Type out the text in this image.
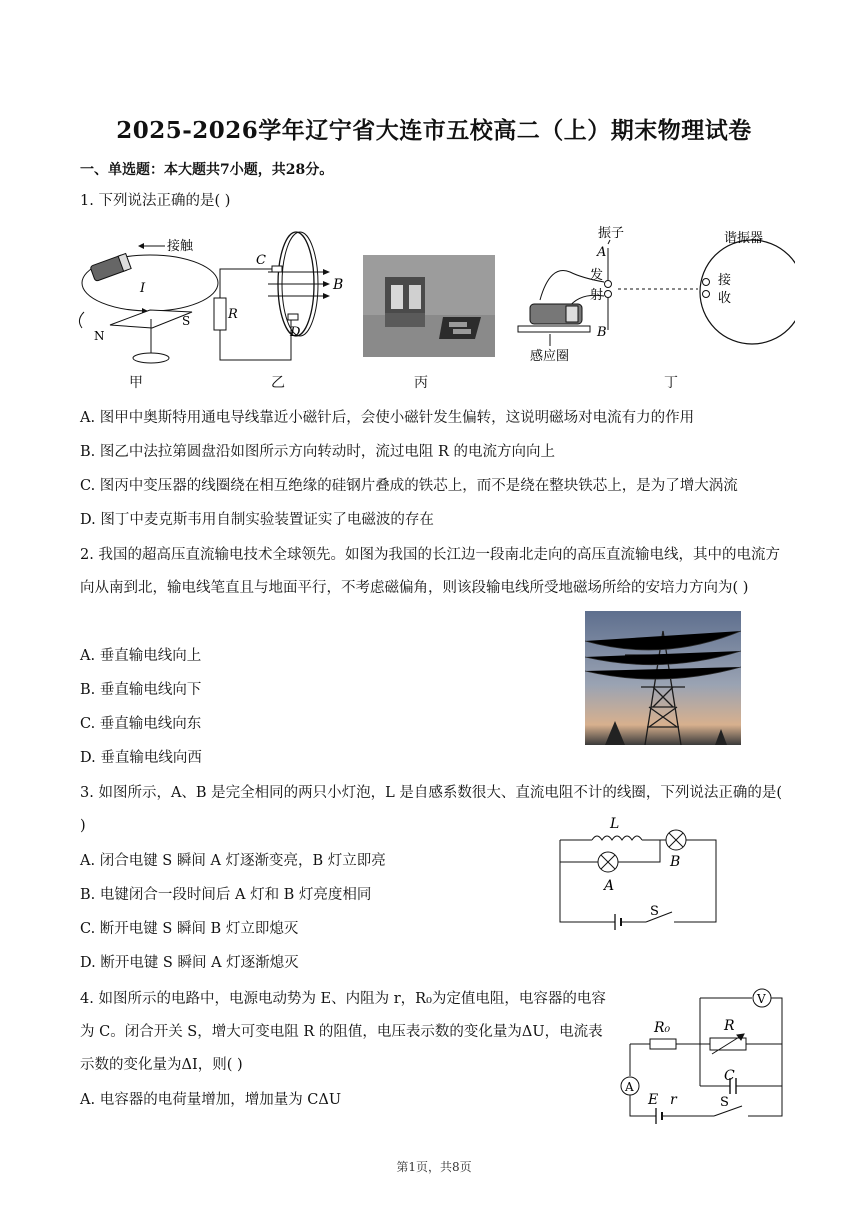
2025-2026学年辽宁省大连市五校高二（上）期末物理试卷
一、单选题：本大题共7小题，共28分。
1. 下列说法正确的是( )
接触
I
N
S
甲
B
C
D
R
乙	丙
振子
A
发
射
B
感应圈
接
收
谐振器
丁
A. 图甲中奥斯特用通电导线靠近小磁针后，会使小磁针发生偏转，这说明磁场对电流有力的作用
B. 图乙中法拉第圆盘沿如图所示方向转动时，流过电阻 R 的电流方向向上
C. 图丙中变压器的线圈绕在相互绝缘的硅钢片叠成的铁芯上，而不是绕在整块铁芯上，是为了增大涡流
D. 图丁中麦克斯韦用自制实验装置证实了电磁波的存在
2. 我国的超高压直流输电技术全球领先。如图为我国的长江边一段南北走向的高压直流输电线，其中的电流方向从南到北，输电线笔直且与地面平行，不考虑磁偏角，则该段输电线所受地磁场所给的安培力方向为( )
A. 垂直输电线向上
B. 垂直输电线向下
C. 垂直输电线向东
D. 垂直输电线向西
3. 如图所示，A、B 是完全相同的两只小灯泡，L 是自感系数很大、直流电阻不计的线圈，下列说法正确的是( )	L
A
B
S
A. 闭合电键 S 瞬间 A 灯逐渐变亮，B 灯立即亮
B. 电键闭合一段时间后 A 灯和 B 灯亮度相同
C. 断开电键 S 瞬间 B 灯立即熄灭
D. 断开电键 S 瞬间 A 灯逐渐熄灭
4. 如图所示的电路中，电源电动势为 E、内阻为 r，R₀为定值电阻，电容器的电容为 C。闭合开关 S，增大可变电阻 R 的阻值，电压表示数的变化量为ΔU，电流表示数的变化量为ΔI，则( )
V
R₀	R
C
A
E r	S
A. 电容器的电荷量增加，增加量为 CΔU
第1页，共8页
